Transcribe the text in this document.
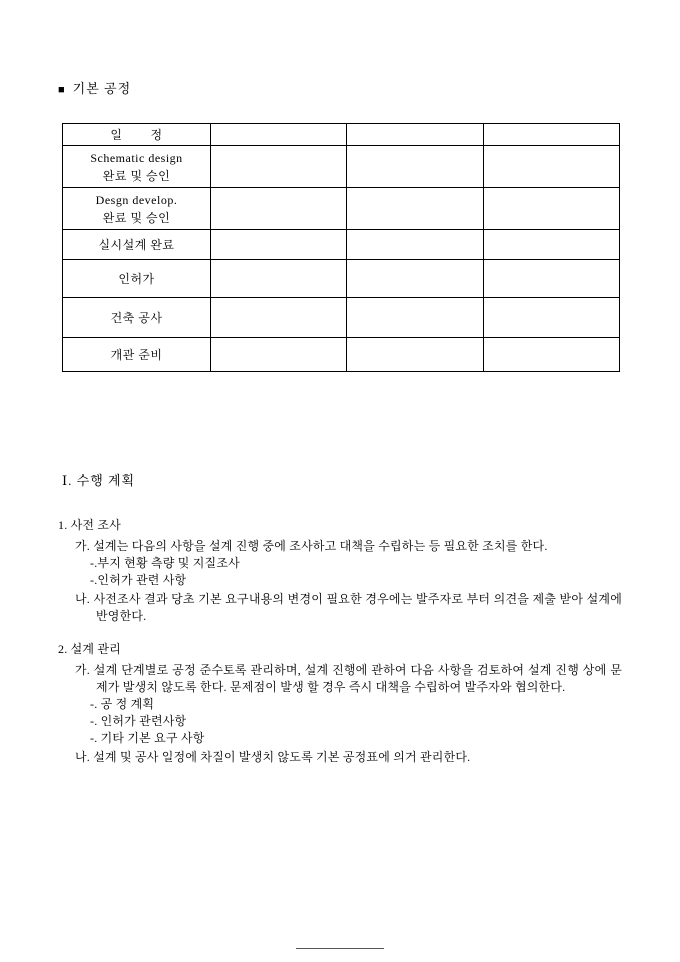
■ 기본 공정
일        정			

Schematic design
완료 및 승인			

Desgn develop.
완료 및 승인			

실시설계 완료			

인허가			

건축 공사			

개관 준비			

Ⅰ. 수행 계획
1. 사전 조사

가. 설계는 다음의 사항을 설계 진행 중에 조사하고 대책을 수립하는 등 필요한 조치를 한다.

-.부지 현황 측량 및 지질조사

-.인허가 관련 사항

나. 사전조사 결과 당초 기본 요구내용의 변경이 필요한 경우에는 발주자로 부터 의견을 제출 받아 설계에 반영한다.

2. 설계 관리

가. 설계 단계별로 공정 준수토록 관리하며, 설계 진행에 관하여 다음 사항을 검토하여 설계 진행 상에 문제가 발생치 않도록 한다. 문제점이 발생 할 경우 즉시 대책을 수립하여 발주자와 협의한다.

-. 공 정 계획

-. 인허가 관련사항

-. 기타 기본 요구 사항

나. 설계 및 공사 일정에 차질이 발생치 않도록 기본 공정표에 의거 관리한다.
